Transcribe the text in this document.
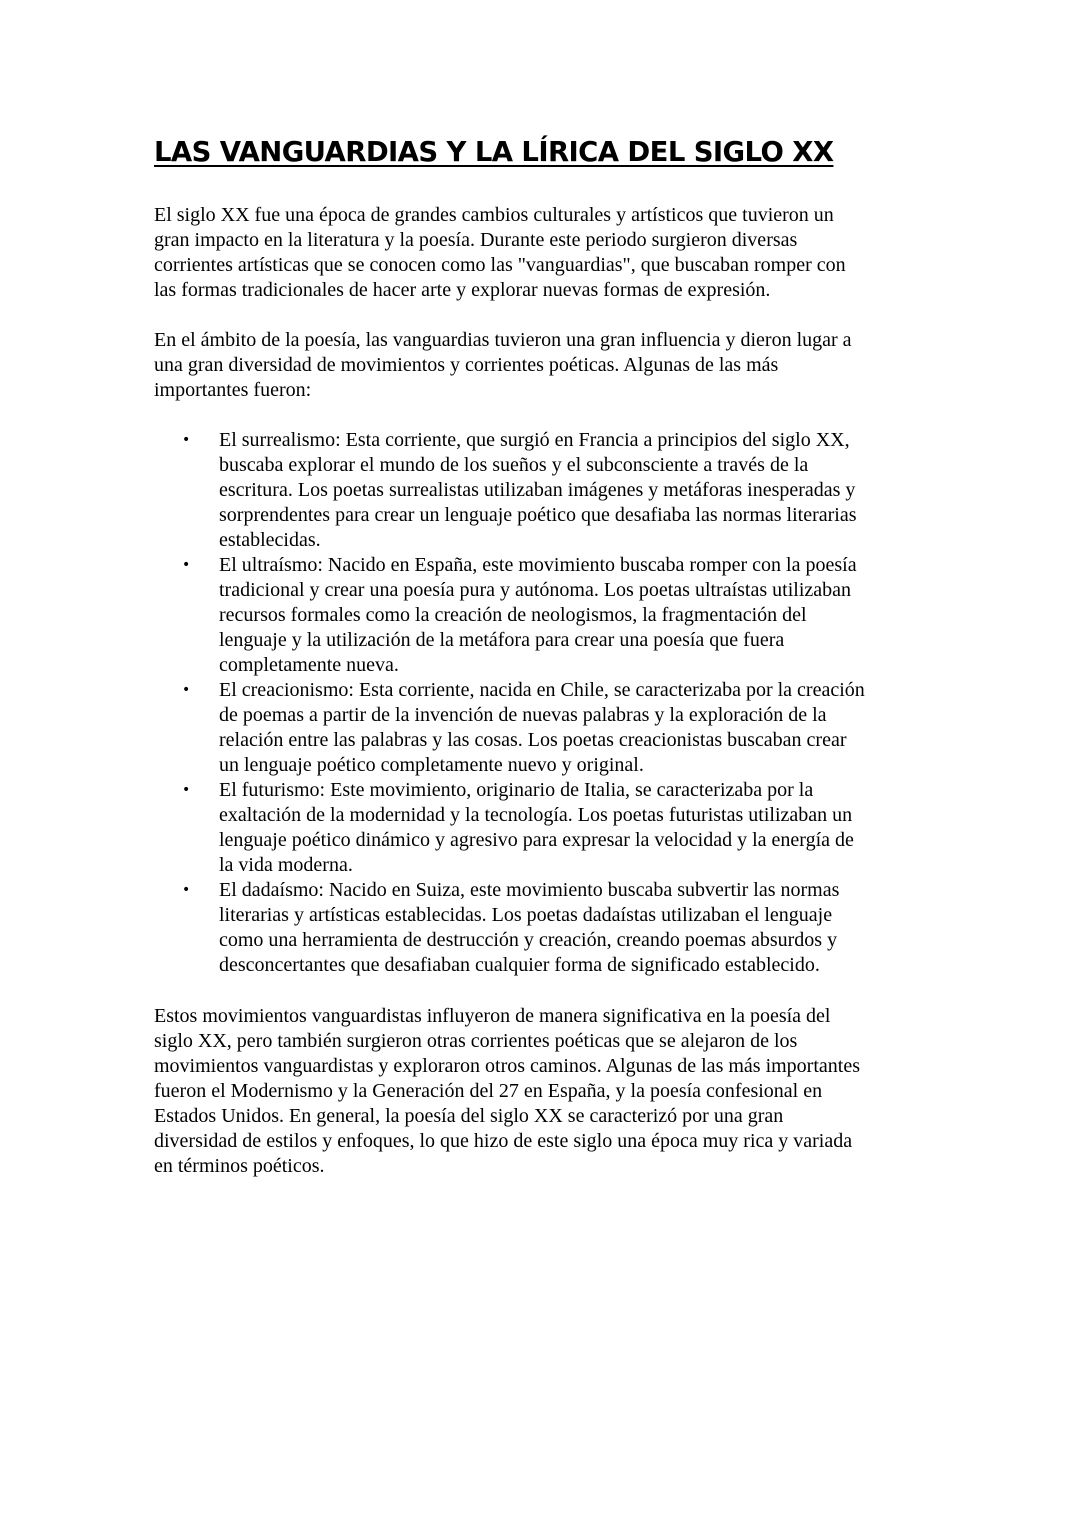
LAS VANGUARDIAS Y LA LÍRICA DEL SIGLO XX
El siglo XX fue una época de grandes cambios culturales y artísticos que tuvieron un
gran impacto en la literatura y la poesía. Durante este periodo surgieron diversas
corrientes artísticas que se conocen como las "vanguardias", que buscaban romper con
las formas tradicionales de hacer arte y explorar nuevas formas de expresión.
En el ámbito de la poesía, las vanguardias tuvieron una gran influencia y dieron lugar a
una gran diversidad de movimientos y corrientes poéticas. Algunas de las más
importantes fueron:
• El surrealismo: Esta corriente, que surgió en Francia a principios del siglo XX,
buscaba explorar el mundo de los sueños y el subconsciente a través de la
escritura. Los poetas surrealistas utilizaban imágenes y metáforas inesperadas y
sorprendentes para crear un lenguaje poético que desafiaba las normas literarias
establecidas.
• El ultraísmo: Nacido en España, este movimiento buscaba romper con la poesía
tradicional y crear una poesía pura y autónoma. Los poetas ultraístas utilizaban
recursos formales como la creación de neologismos, la fragmentación del
lenguaje y la utilización de la metáfora para crear una poesía que fuera
completamente nueva.
• El creacionismo: Esta corriente, nacida en Chile, se caracterizaba por la creación
de poemas a partir de la invención de nuevas palabras y la exploración de la
relación entre las palabras y las cosas. Los poetas creacionistas buscaban crear
un lenguaje poético completamente nuevo y original.
• El futurismo: Este movimiento, originario de Italia, se caracterizaba por la
exaltación de la modernidad y la tecnología. Los poetas futuristas utilizaban un
lenguaje poético dinámico y agresivo para expresar la velocidad y la energía de
la vida moderna.
• El dadaísmo: Nacido en Suiza, este movimiento buscaba subvertir las normas
literarias y artísticas establecidas. Los poetas dadaístas utilizaban el lenguaje
como una herramienta de destrucción y creación, creando poemas absurdos y
desconcertantes que desafiaban cualquier forma de significado establecido.
Estos movimientos vanguardistas influyeron de manera significativa en la poesía del
siglo XX, pero también surgieron otras corrientes poéticas que se alejaron de los
movimientos vanguardistas y exploraron otros caminos. Algunas de las más importantes
fueron el Modernismo y la Generación del 27 en España, y la poesía confesional en
Estados Unidos. En general, la poesía del siglo XX se caracterizó por una gran
diversidad de estilos y enfoques, lo que hizo de este siglo una época muy rica y variada
en términos poéticos.
